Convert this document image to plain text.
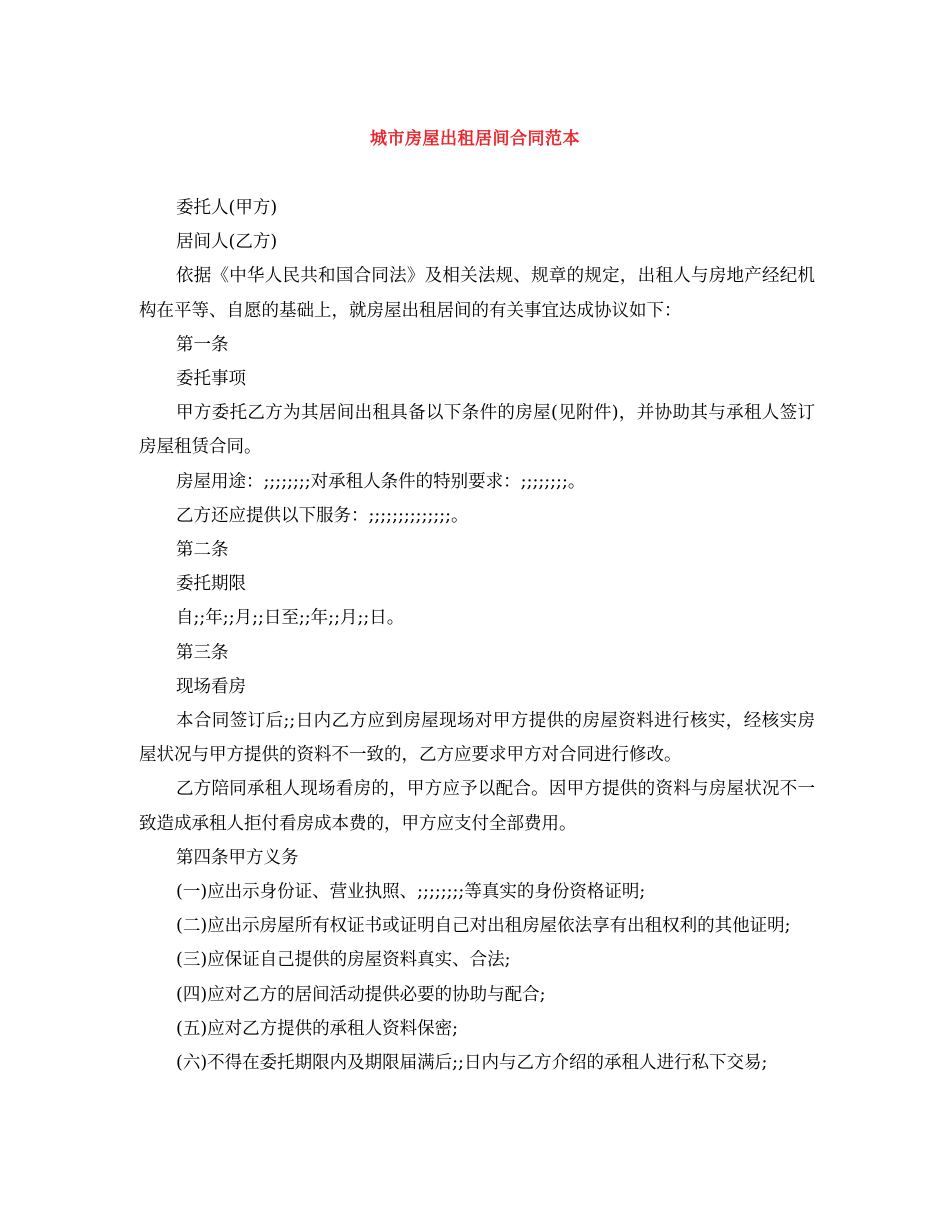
城市房屋出租居间合同范本

委托人(甲方)

居间人(乙方)

依据《中华人民共和国合同法》及相关法规、规章的规定，出租人与房地产经纪机构在平等、自愿的基础上，就房屋出租居间的有关事宜达成协议如下：

第一条

委托事项

甲方委托乙方为其居间出租具备以下条件的房屋(见附件)，并协助其与承租人签订房屋租赁合同。

房屋用途：;;;;;;;;对承租人条件的特别要求：;;;;;;;;。

乙方还应提供以下服务：;;;;;;;;;;;;;;。

第二条

委托期限

自;;年;;月;;日至;;年;;月;;日。

第三条

现场看房

本合同签订后;;日内乙方应到房屋现场对甲方提供的房屋资料进行核实，经核实房屋状况与甲方提供的资料不一致的，乙方应要求甲方对合同进行修改。

乙方陪同承租人现场看房的，甲方应予以配合。因甲方提供的资料与房屋状况不一致造成承租人拒付看房成本费的，甲方应支付全部费用。

第四条甲方义务

(一)应出示身份证、营业执照、;;;;;;;;等真实的身份资格证明;

(二)应出示房屋所有权证书或证明自己对出租房屋依法享有出租权利的其他证明;

(三)应保证自己提供的房屋资料真实、合法;

(四)应对乙方的居间活动提供必要的协助与配合;

(五)应对乙方提供的承租人资料保密;

(六)不得在委托期限内及期限届满后;;日内与乙方介绍的承租人进行私下交易;
